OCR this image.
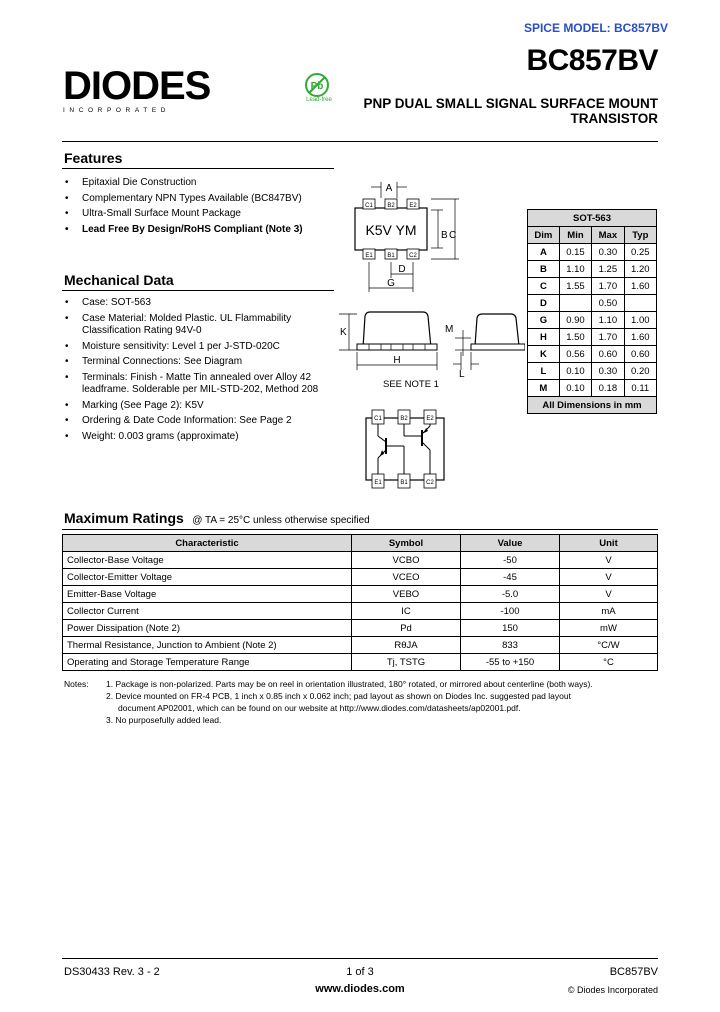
SPICE MODEL: BC857BV
DIODES
INCORPORATED
Pb
Lead-free
BC857BV
PNP DUAL SMALL SIGNAL SURFACE MOUNT
TRANSISTOR
Features
• Epitaxial Die Construction
• Complementary NPN Types Available (BC847BV)
• Ultra-Small Surface Mount Package
• Lead Free By Design/RoHS Compliant (Note 3)
Mechanical Data
• Case: SOT-563
• Case Material: Molded Plastic. UL Flammability Classification Rating 94V-0
• Moisture sensitivity: Level 1 per J-STD-020C
• Terminal Connections: See Diagram
• Terminals: Finish - Matte Tin annealed over Alloy 42 leadframe. Solderable per MIL-STD-202, Method 208
• Marking (See Page 2): K5V
• Ordering & Date Code Information: See Page 2
• Weight: 0.003 grams (approximate)
A
C1 B2 E2
E1 B1 C2
K5V YM B C
D
G
K
H
M
L
SEE NOTE 1
C1	B2	E2
E1	B1	C2
SOT-563			
Dim	Min	Max	Typ
A	0.15	0.30	0.25
B	1.10	1.25	1.20
C	1.55	1.70	1.60
D		0.50	
G	0.90	1.10	1.00
H	1.50	1.70	1.60
K	0.56	0.60	0.60
L	0.10	0.30	0.20
M	0.10	0.18	0.11
All Dimensions in mm			
Maximum Ratings @ TA = 25°C unless otherwise specified
Characteristic	Symbol	Value	Unit
Collector-Base Voltage	VCBO	-50	V
Collector-Emitter Voltage	VCEO	-45	V
Emitter-Base Voltage	VEBO	-5.0	V
Collector Current	IC	-100	mA
Power Dissipation (Note 2)	Pd	150	mW
Thermal Resistance, Junction to Ambient (Note 2)	RθJA	833	°C/W
Operating and Storage Temperature Range	Tj, TSTG	-55 to +150	°C
Notes: 1. Package is non-polarized. Parts may be on reel in orientation illustrated, 180° rotated, or mirrored about centerline (both ways).
2. Device mounted on FR-4 PCB, 1 inch x 0.85 inch x 0.062 inch; pad layout as shown on Diodes Inc. suggested pad layout
document AP02001, which can be found on our website at http://www.diodes.com/datasheets/ap02001.pdf.
3. No purposefully added lead.
DS30433 Rev. 3 - 2	1 of 3
www.diodes.com
BC857BV
© Diodes Incorporated
